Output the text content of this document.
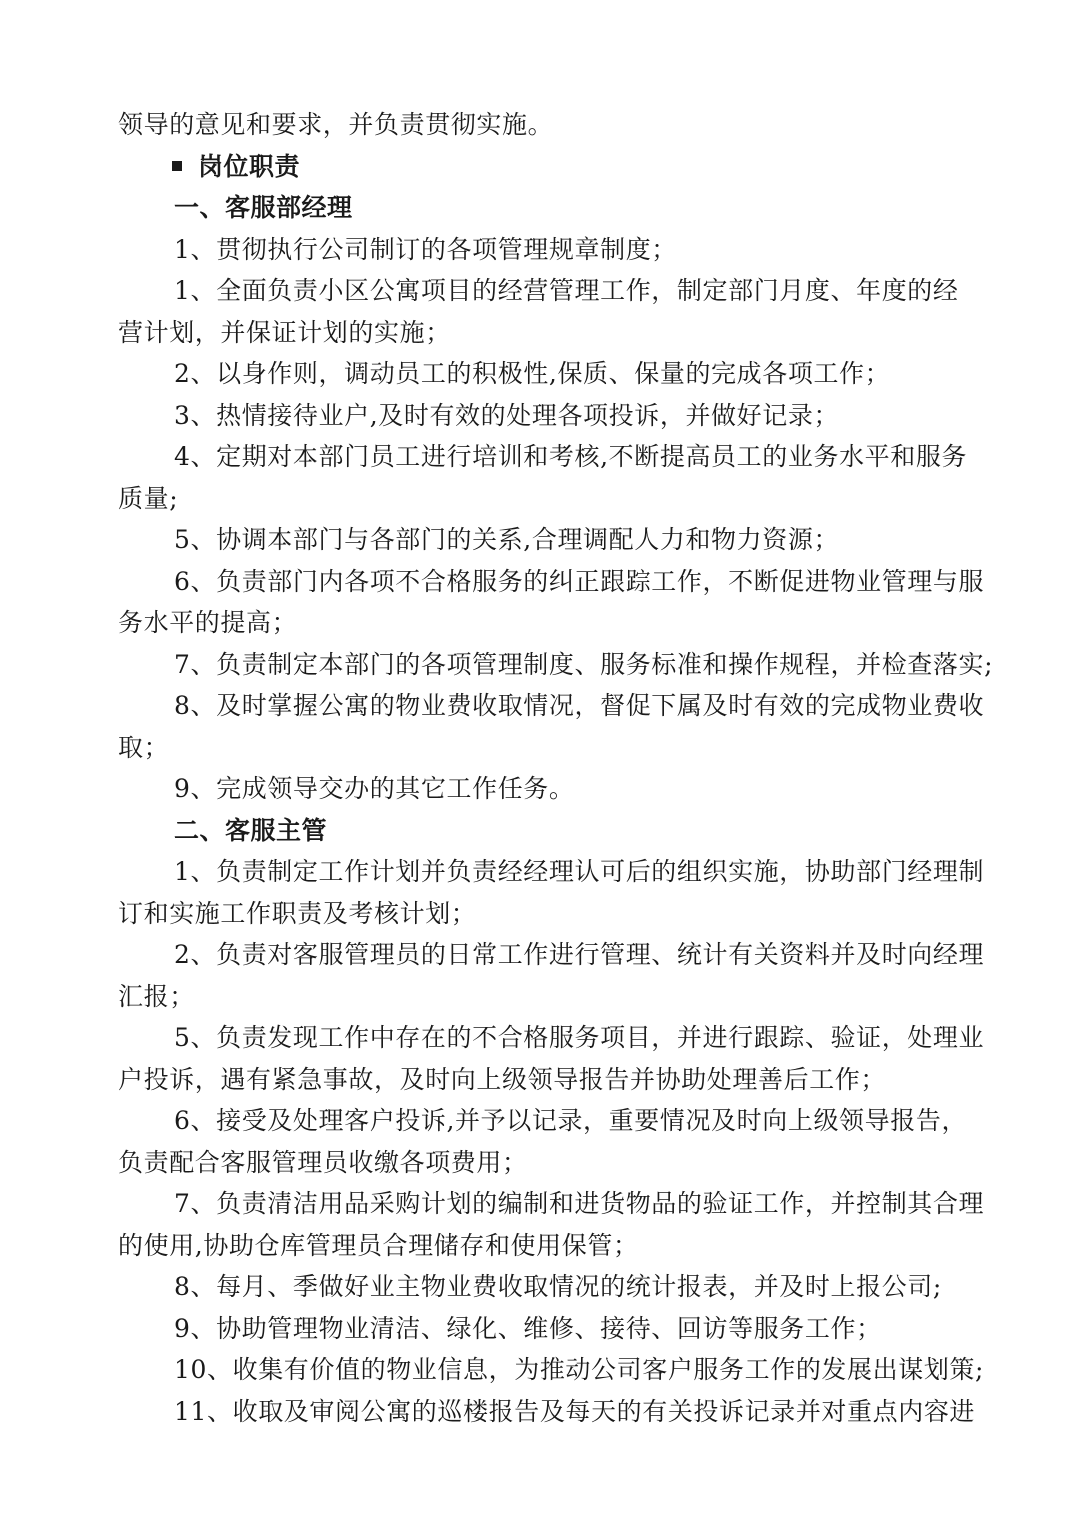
领导的意见和要求，并负责贯彻实施。
岗位职责
一、客服部经理
1、贯彻执行公司制订的各项管理规章制度；
1、全面负责小区公寓项目的经营管理工作，制定部门月度、年度的经
营计划，并保证计划的实施；
2、以身作则，调动员工的积极性,保质、保量的完成各项工作；
3、热情接待业户,及时有效的处理各项投诉，并做好记录；
4、定期对本部门员工进行培训和考核,不断提高员工的业务水平和服务
质量;
5、协调本部门与各部门的关系,合理调配人力和物力资源；
6、负责部门内各项不合格服务的纠正跟踪工作，不断促进物业管理与服
务水平的提高；
7、负责制定本部门的各项管理制度、服务标准和操作规程，并检查落实;
8、及时掌握公寓的物业费收取情况，督促下属及时有效的完成物业费收
取；
9、完成领导交办的其它工作任务。
二、客服主管
1、负责制定工作计划并负责经经理认可后的组织实施，协助部门经理制
订和实施工作职责及考核计划；
2、负责对客服管理员的日常工作进行管理、统计有关资料并及时向经理
汇报；
5、负责发现工作中存在的不合格服务项目，并进行跟踪、验证，处理业
户投诉，遇有紧急事故，及时向上级领导报告并协助处理善后工作；
6、接受及处理客户投诉,并予以记录，重要情况及时向上级领导报告，
负责配合客服管理员收缴各项费用；
7、负责清洁用品采购计划的编制和进货物品的验证工作，并控制其合理
的使用,协助仓库管理员合理储存和使用保管；
8、每月、季做好业主物业费收取情况的统计报表，并及时上报公司;
9、协助管理物业清洁、绿化、维修、接待、回访等服务工作；
10、收集有价值的物业信息，为推动公司客户服务工作的发展出谋划策;
11、收取及审阅公寓的巡楼报告及每天的有关投诉记录并对重点内容进
